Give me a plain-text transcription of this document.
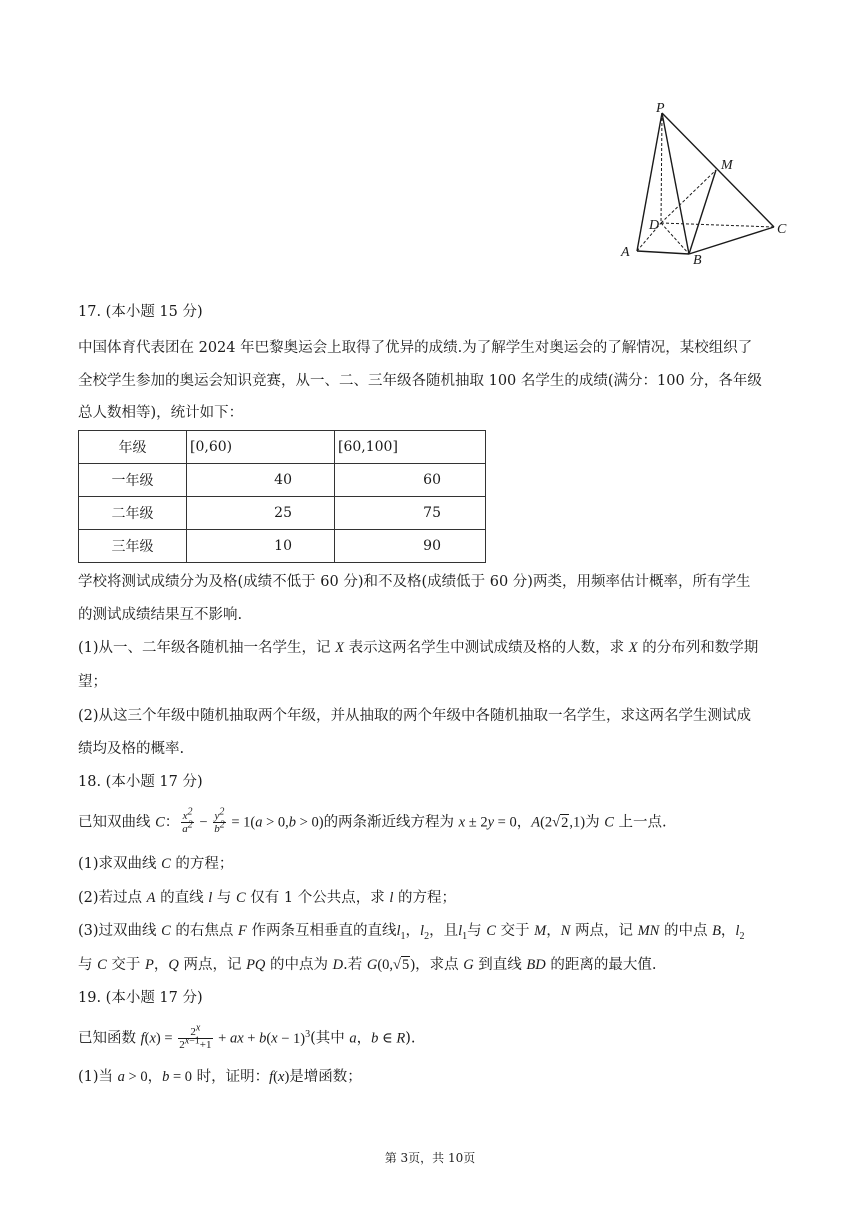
P
M
D	C
A
B
17. (本小题 15 分)
中国体育代表团在 2024 年巴黎奥运会上取得了优异的成绩.为了解学生对奥运会的了解情况，某校组织了
全校学生参加的奥运会知识竞赛，从一、二、三年级各随机抽取 100 名学生的成绩(满分：100 分，各年级
总人数相等)，统计如下：
年级	[0,60)	[60,100]
一年级	40	60
二年级	25	75
三年级	10	90
学校将测试成绩分为及格(成绩不低于 60 分)和不及格(成绩低于 60 分)两类，用频率估计概率，所有学生
的测试成绩结果互不影响.
(1)从一、二年级各随机抽一名学生，记 X 表示这两名学生中测试成绩及格的人数，求 X 的分布列和数学期
望；
(2)从这三个年级中随机抽取两个年级，并从抽取的两个年级中各随机抽取一名学生，求这两名学生测试成
绩均及格的概率.
18. (本小题 17 分)
已知双曲线 C： $\frac{x^2}{a^2} - \frac{y^2}{b^2} = 1(a > 0,b > 0)$的两条渐近线方程为 x ± 2y = 0，A(2√2,1)为 C 上一点.
(1)求双曲线 C 的方程；
(2)若过点 A 的直线 l 与 C 仅有 1 个公共点，求 l 的方程；
(3)过双曲线 C 的右焦点 F 作两条互相垂直的直线$l_1$，$l_2$，且$l_1$与 C 交于 M，N 两点，记 MN 的中点 B，$l_2$
与 C 交于 P，Q 两点，记 PQ 的中点为 D.若 G(0,√5)，求点 G 到直线 BD 的距离的最大值.
19. (本小题 17 分)
已知函数 $f(x) = \frac{2^x}{2^{x-1}+1}$ + ax + $b(x - 1)^3$(其中 a，b ∈ R).
(1)当 a > 0，b = 0 时，证明：f(x)是增函数；
第 3页，共 10页
